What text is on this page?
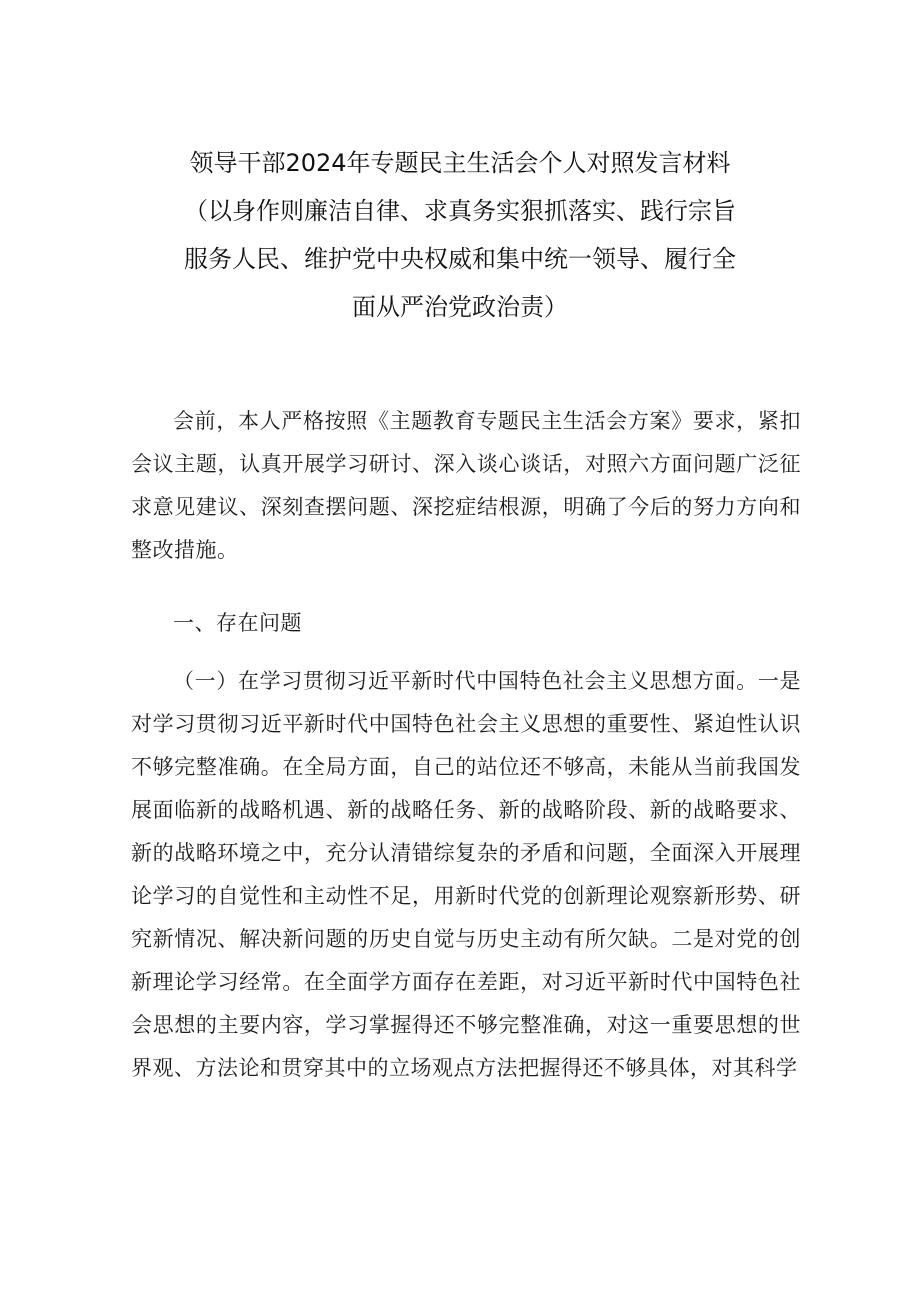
领导干部2024年专题民主生活会个人对照发言材料
（以身作则廉洁自律、求真务实狠抓落实、践行宗旨
服务人民、维护党中央权威和集中统一领导、履行全
面从严治党政治责）

会前，本人严格按照《主题教育专题民主生活会方案》要求，紧扣会议主题，认真开展学习研讨、深入谈心谈话，对照六方面问题广泛征求意见建议、深刻查摆问题、深挖症结根源，明确了今后的努力方向和整改措施。

一、存在问题

（一）在学习贯彻习近平新时代中国特色社会主义思想方面。一是对学习贯彻习近平新时代中国特色社会主义思想的重要性、紧迫性认识不够完整准确。在全局方面，自己的站位还不够高，未能从当前我国发展面临新的战略机遇、新的战略任务、新的战略阶段、新的战略要求、新的战略环境之中，充分认清错综复杂的矛盾和问题，全面深入开展理论学习的自觉性和主动性不足，用新时代党的创新理论观察新形势、研究新情况、解决新问题的历史自觉与历史主动有所欠缺。二是对党的创新理论学习经常。在全面学方面存在差距，对习近平新时代中国特色社会思想的主要内容，学习掌握得还不够完整准确，对这一重要思想的世界观、方法论和贯穿其中的立场观点方法把握得还不够具体，对其科学
